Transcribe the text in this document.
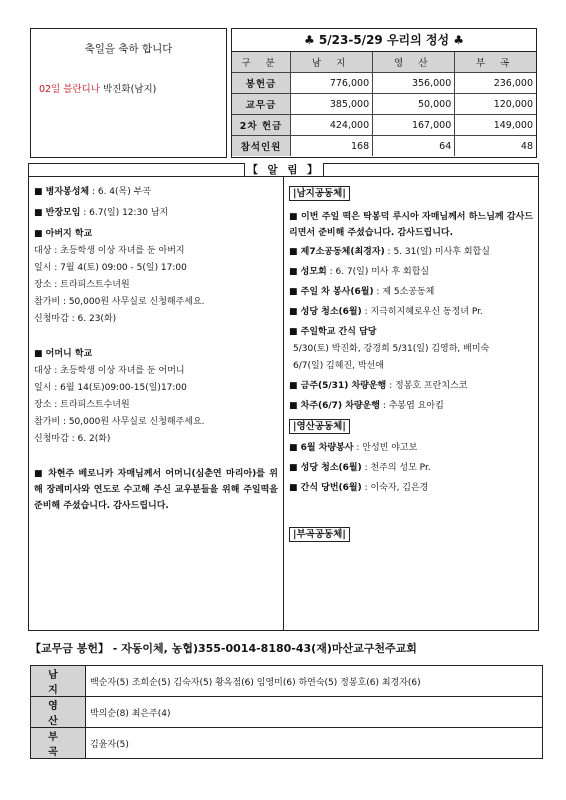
축일을 축하 합니다
02일 블란디나 박진화(남지)
♣ 5/23-5/29 우리의 정성 ♣
구 분	남 지	영 산	부 곡
봉헌금	776,000	356,000	236,000
교무금	385,000	50,000	120,000
2차 헌금	424,000	167,000	149,000
참석인원	168	64	48
【 알 림 】
■ 병자봉성체 : 6. 4(목) 부곡
■ 반장모임 : 6.7(일) 12:30 남지
■ 아버지 학교
대상 : 초등학생 이상 자녀를 둔 아버지
일시 : 7월 4(토) 09:00 - 5(일) 17:00
장소 : 트라피스트수녀원
참가비 : 50,000원 사무실로 신청해주세요.
신청마감 : 6. 23(화)
■ 어머니 학교
대상 : 초등학생 이상 자녀를 둔 어머니
일시 : 6월 14(토)09:00-15(일)17:00
장소 : 트라피스트수녀원
참가비 : 50,000원 사무실로 신청해주세요.
신청마감 : 6. 2(화)
■ 차현주 베로니카 자매님께서 어머니(심춘연 마리아)를 위해 장례미사와 연도로 수고해 주신 교우분들을 위해 주일떡을 준비해 주셨습니다. 감사드립니다.
|남지공동체|
■ 이번 주일 떡은 탁봉덕 루시아 자매님께서 하느님께 감사드리면서 준비해 주셨습니다. 감사드립니다.
■ 제7소공동체(최경자) : 5. 31(일) 미사후 회합실
■ 성모회 : 6. 7(일) 미사 후 회합실
■ 주일 차 봉사(6월) : 제 5소공동체
■ 성당 청소(6월) : 지극히지혜로우신 동정녀 Pr.
■ 주일학교 간식 담당
5/30(토) 박진화, 강경희 5/31(일) 김영하, 배미숙
6/7(일) 김혜진, 박선애
■ 금주(5/31) 차량운행 : 정봉호 프란치스코
■ 차주(6/7) 차량운행 : 추봉엽 요아킴
|영산공동체|
■ 6월 차량봉사 : 안성빈 야고보
■ 성당 청소(6월) : 천주의 성모 Pr.
■ 간식 당번(6월) : 이숙자, 김은경
|부곡공동체|
【교무금 봉헌】 - 자동이체, 농협)355-0014-8180-43(재)마산교구천주교회
남 지	백순자(5) 조희순(5) 김숙자(5) 황옥점(6) 임영미(6) 하연숙(5) 정봉호(6) 최경자(6)
영 산	박의순(8) 최은주(4)
부 곡	김윤자(5)
